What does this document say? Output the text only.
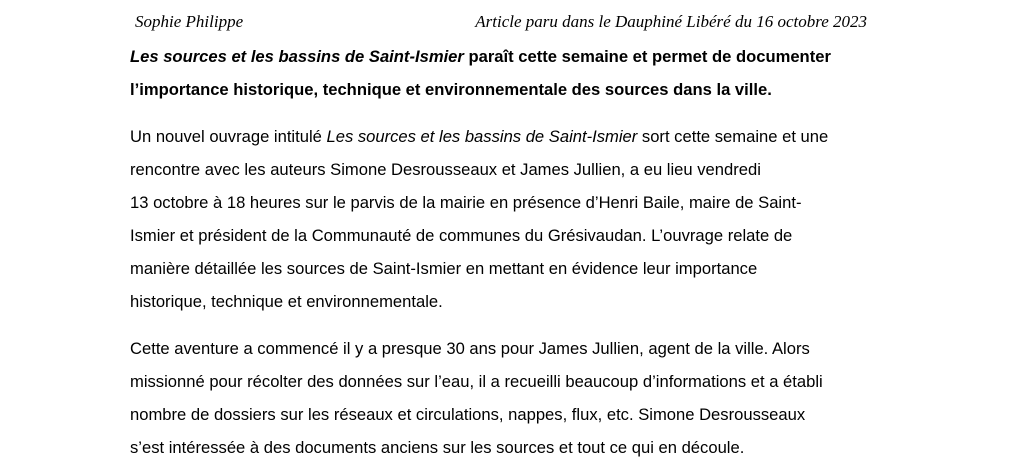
Sophie Philippe	Article paru dans le Dauphiné Libéré du 16 octobre 2023

Les sources et les bassins de Saint-Ismier paraît cette semaine et permet de documenter
l’importance historique, technique et environnementale des sources dans la ville.

Un nouvel ouvrage intitulé Les sources et les bassins de Saint-Ismier sort cette semaine et une
rencontre avec les auteurs Simone Desrousseaux et James Jullien, a eu lieu vendredi
13 octobre à 18 heures sur le parvis de la mairie en présence d’Henri Baile, maire de Saint-
Ismier et président de la Communauté de communes du Grésivaudan. L’ouvrage relate de
manière détaillée les sources de Saint-Ismier en mettant en évidence leur importance
historique, technique et environnementale.

Cette aventure a commencé il y a presque 30 ans pour James Jullien, agent de la ville. Alors
missionné pour récolter des données sur l’eau, il a recueilli beaucoup d’informations et a établi
nombre de dossiers sur les réseaux et circulations, nappes, flux, etc. Simone Desrousseaux
s’est intéressée à des documents anciens sur les sources et tout ce qui en découle.
